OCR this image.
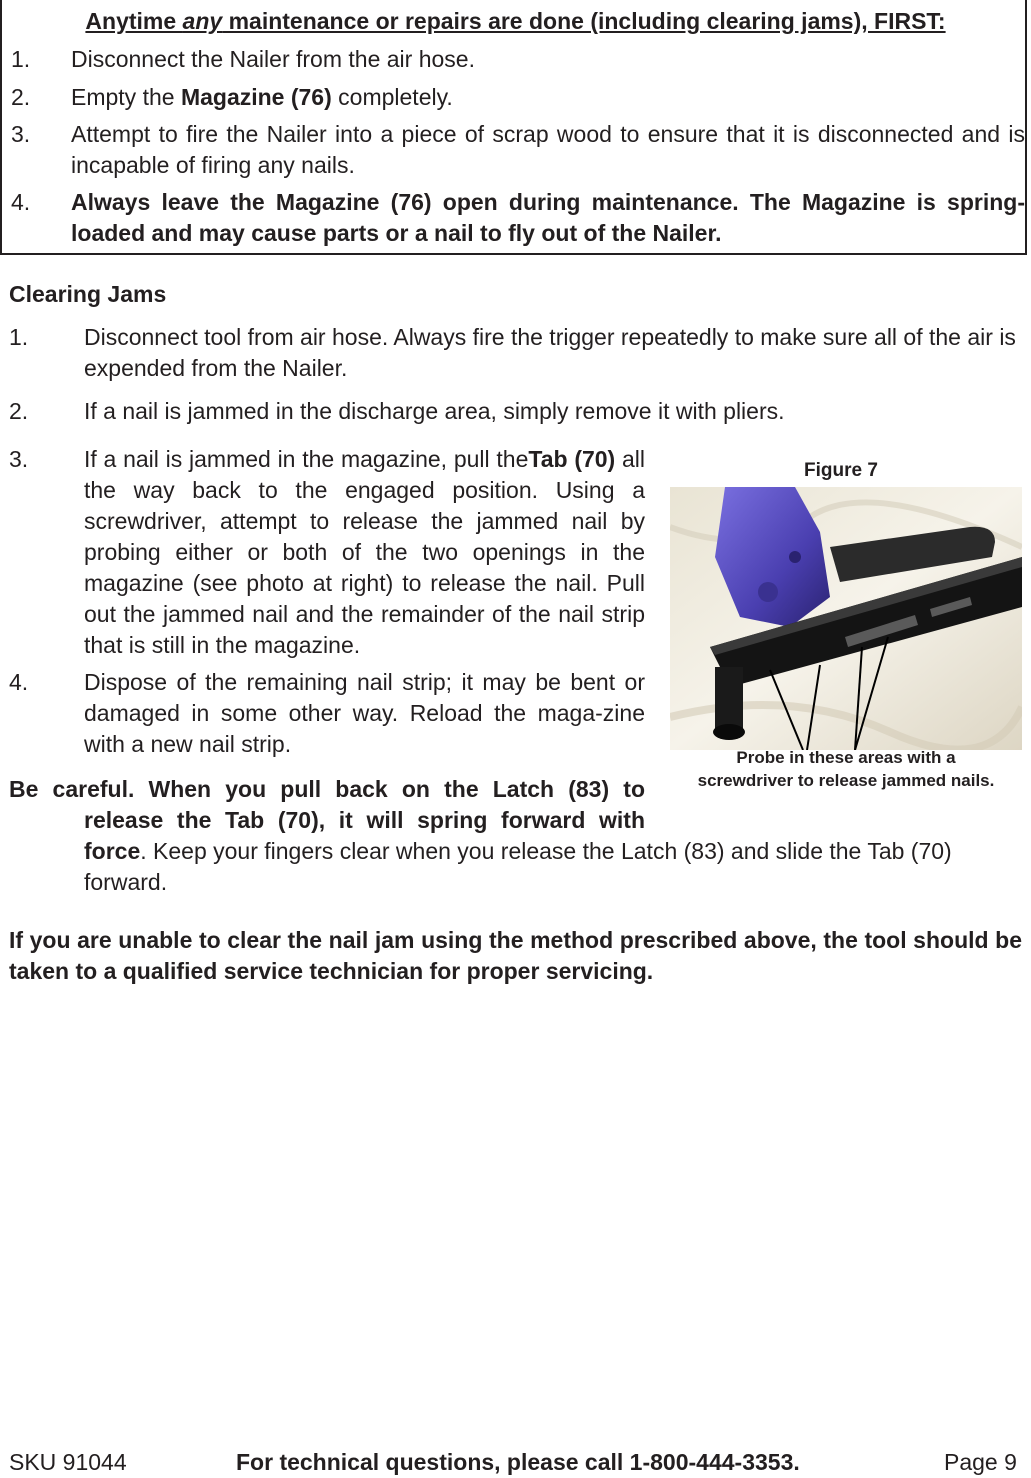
Anytime any maintenance or repairs are done (including clearing jams), FIRST:
1. Disconnect the Nailer from the air hose.
2. Empty the Magazine (76) completely.
3. Attempt to fire the Nailer into a piece of scrap wood to ensure that it is disconnected and is incapable of firing any nails.
4. Always leave the Magazine (76) open during maintenance. The Magazine is spring-loaded and may cause parts or a nail to fly out of the Nailer.
Clearing Jams
1. Disconnect tool from air hose. Always fire the trigger repeatedly to make sure all of the air is expended from the Nailer.
2. If a nail is jammed in the discharge area, simply remove it with pliers.
3. If a nail is jammed in the magazine, pull theTab (70) all the way back to the engaged position. Using a screwdriver, attempt to release the jammed nail by probing either or both of the two openings in the magazine (see photo at right) to release the nail. Pull out the jammed nail and the remainder of the nail strip that is still in the magazine.
4. Dispose of the remaining nail strip; it may be bent or damaged in some other way. Reload the maga-zine with a new nail strip.
Be careful. When you pull back on the Latch (83) to
release the Tab (70), it will spring forward with
force. Keep your fingers clear when you release the Latch (83) and slide the Tab (70) forward.
If you are unable to clear the nail jam using the method prescribed above, the tool should be taken to a qualified service technician for proper servicing.
Figure 7
Probe in these areas with a
screwdriver to release jammed nails.
SKU 91044	For technical questions, please call 1-800-444-3353.	Page 9
